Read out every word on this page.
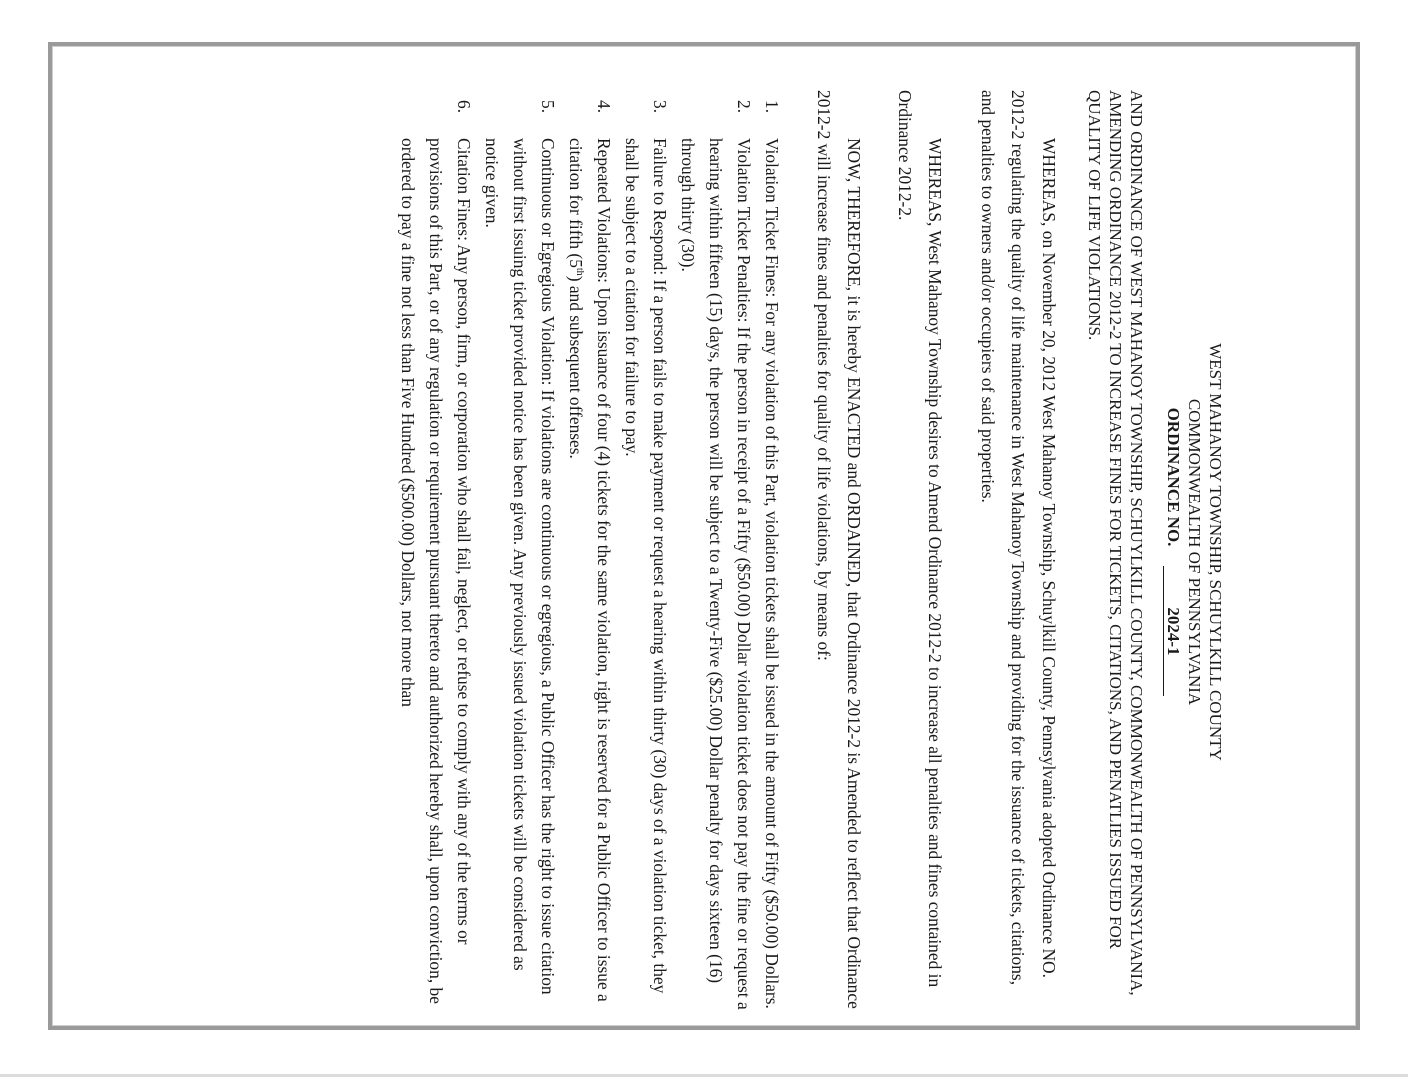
WEST MAHANOY TOWNSHIP, SCHUYLKILL COUNTY

COMMONWEALTH OF PENNSYLVANIA

ORDINANCE NO.2024-1

AND ORDINANCE OF WEST MAHANOY TOWNSHIP, SCHUYLKILL COUNTY, COMMONWEALTH OF PENNSYLVANIA, AMENDING ORDINANCE 2012-2 TO INCREASE FINES FOR TICKETS, CITATIONS, AND PENATLIES ISSUED FOR QUALITY OF LIFE VIOLATIONS.

WHEREAS, on November 20, 2012 West Mahanoy Township, Schuylkill County, Pennsylvania adopted Ordinance NO. 2012-2 regulating the quality of life maintenance in West Mahanoy Township and providing for the issuance of tickets, citations, and penalties to owners and/or occupiers of said properties.

WHEREAS, West Mahanoy Township desires to Amend Ordinance 2012-2 to increase all penalties and fines contained in Ordinance 2012-2.

NOW, THEREFORE, it is hereby ENACTED and ORDAINED, that Ordinance 2012-2 is Amended to reflect that Ordinance 2012-2 will increase fines and penalties for quality of life violations, by means of:

1.
Violation Ticket Fines: For any violation of this Part, violation tickets shall be issued in the amount of Fifty ($50.00) Dollars.
2.
Violation Ticket Penalties: If the person in receipt of a Fifty ($50.00) Dollar violation ticket does not pay the fine or request a hearing within fifteen (15) days, the person will be subject to a Twenty-Five ($25.00) Dollar penalty for days sixteen (16) through thirty (30).
3.
Failure to Respond: If a person fails to make payment or request a hearing within thirty (30) days of a violation ticket, they shall be subject to a citation for failure to pay.
4.
Repeated Violations: Upon issuance of four (4) tickets for the same violation, right is reserved for a Public Officer to issue a citation for fifth (5th) and subsequent offenses.
5.
Continuous or Egregious Violation: If violations are continuous or egregious, a Public Officer has the right to issue citation without first issuing ticket provided notice has been given. Any previously issued violation tickets will be considered as notice given.
6.
Citation Fines: Any person, firm, or corporation who shall fail, neglect, or refuse to comply with any of the terms or provisions of this Part, or of any regulation or requirement pursuant thereto and authorized hereby shall, upon conviction, be ordered to pay a fine not less than Five Hundred ($500.00) Dollars, not more than
